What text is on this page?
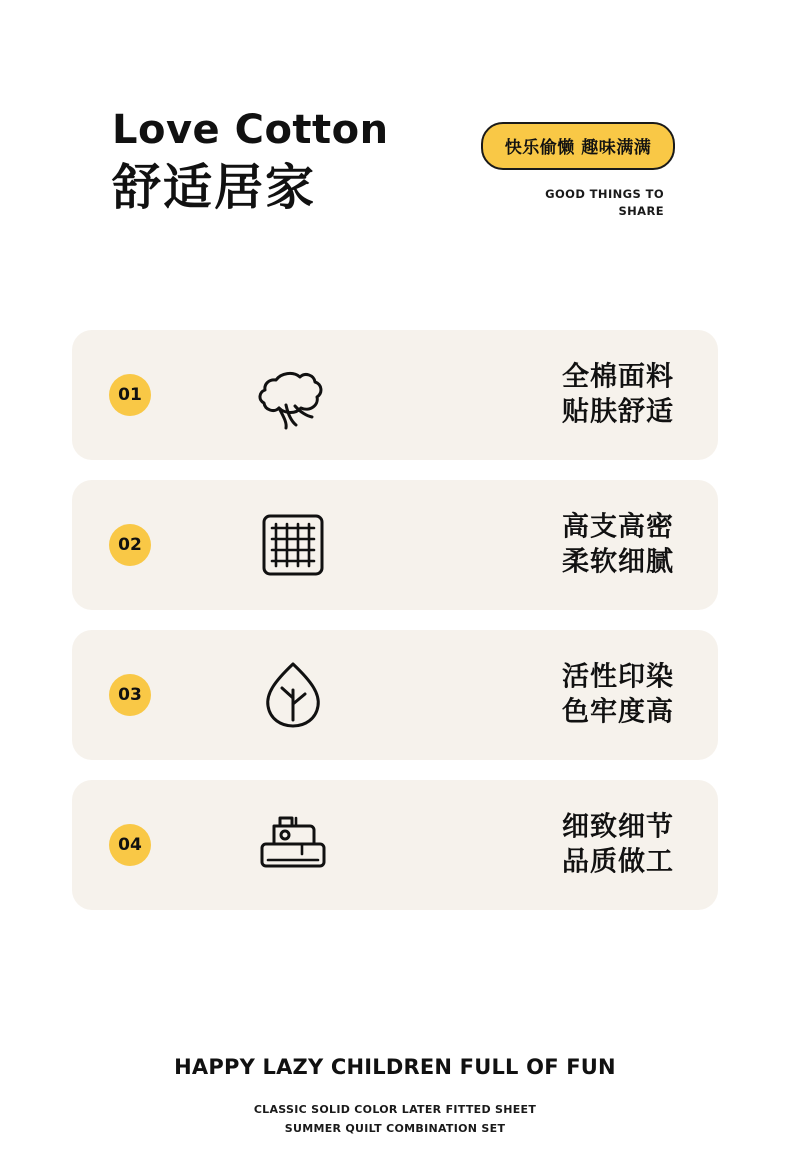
Love Cotton
舒适居家
快乐偷懒 趣味满满
GOOD THINGS TO
SHARE
01
全棉面料
贴肤舒适
02
高支高密
柔软细腻
03
活性印染
色牢度高
04
细致细节
品质做工
HAPPY LAZY CHILDREN FULL OF FUN
CLASSIC SOLID COLOR LATER FITTED SHEET
SUMMER QUILT COMBINATION SET
